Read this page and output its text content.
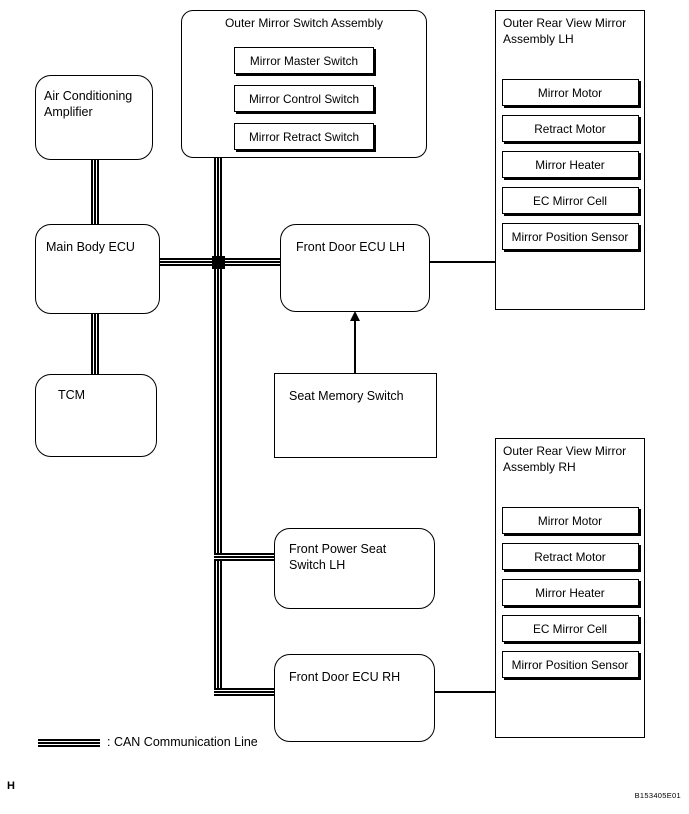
Outer Mirror Switch Assembly
Mirror Master Switch
Mirror Control Switch
Mirror Retract Switch
Outer Rear View Mirror Assembly LH
Mirror Motor
Retract Motor
Mirror Heater
EC Mirror Cell
Mirror Position Sensor
Outer Rear View Mirror Assembly RH
Mirror Motor
Retract Motor
Mirror Heater
EC Mirror Cell
Mirror Position Sensor
Air Conditioning Amplifier
Main Body ECU
TCM
Front Door ECU LH
Seat Memory Switch
Front Power Seat Switch LH
Front Door ECU RH
: CAN Communication Line
H
B153405E01
